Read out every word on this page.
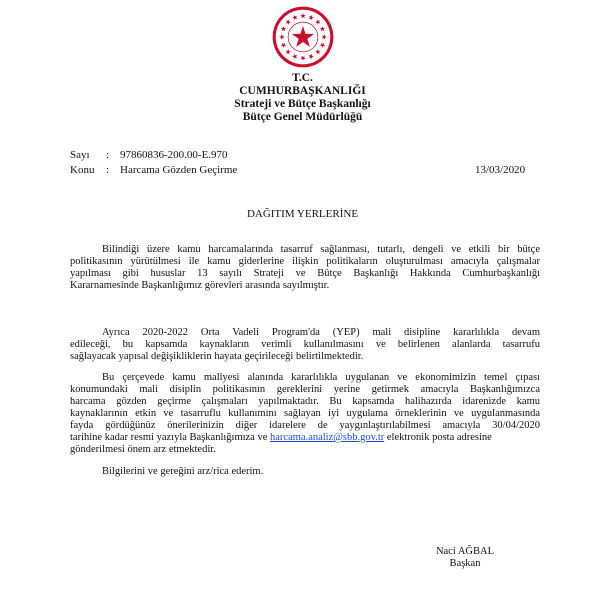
T.C.
CUMHURBAŞKANLIĞI
Strateji ve Bütçe Başkanlığı
Bütçe Genel Müdürlüğü
Sayı : 97860836-200.00-E.970
Konu : Harcama Gözden Geçirme	13/03/2020
DAĞITIM YERLERİNE
Bilindiği üzere kamu harcamalarında tasarruf sağlanması, tutarlı, dengeli ve etkili bir bütçe
politikasının yürütülmesi ile kamu giderlerine ilişkin politikaların oluşturulması amacıyla çalışmalar
yapılması gibi hususlar 13 sayılı Strateji ve Bütçe Başkanlığı Hakkında Cumhurbaşkanlığı
Kararnamesinde Başkanlığımız görevleri arasında sayılmıştır.
Ayrıca 2020-2022 Orta Vadeli Program'da (YEP) mali disipline kararlılıkla devam
edileceği, bu kapsamda kaynakların verimli kullanılmasını ve belirlenen alanlarda tasarrufu
sağlayacak yapısal değişikliklerin hayata geçirileceği belirtilmektedir.
Bu çerçevede kamu maliyesi alanında kararlılıkla uygulanan ve ekonomimizin temel çıpası
konumundaki mali disiplin politikasının gereklerini yerine getirmek amacıyla Başkanlığımızca
harcama gözden geçirme çalışmaları yapılmaktadır. Bu kapsamda halihazırda idarenizde kamu
kaynaklarının etkin ve tasarruflu kullanımını sağlayan iyi uygulama örneklerinin ve uygulanmasında
fayda gördüğünüz önerilerinizin diğer idarelere de yaygınlaştırılabilmesi amacıyla 30/04/2020
tarihine kadar resmi yazıyla Başkanlığımıza ve harcama.analiz@sbb.gov.tr elektronik posta adresine
gönderilmesi önem arz etmektedir.
Bilgilerini ve gereğini arz/rica ederim.
Naci AĞBAL
Başkan
